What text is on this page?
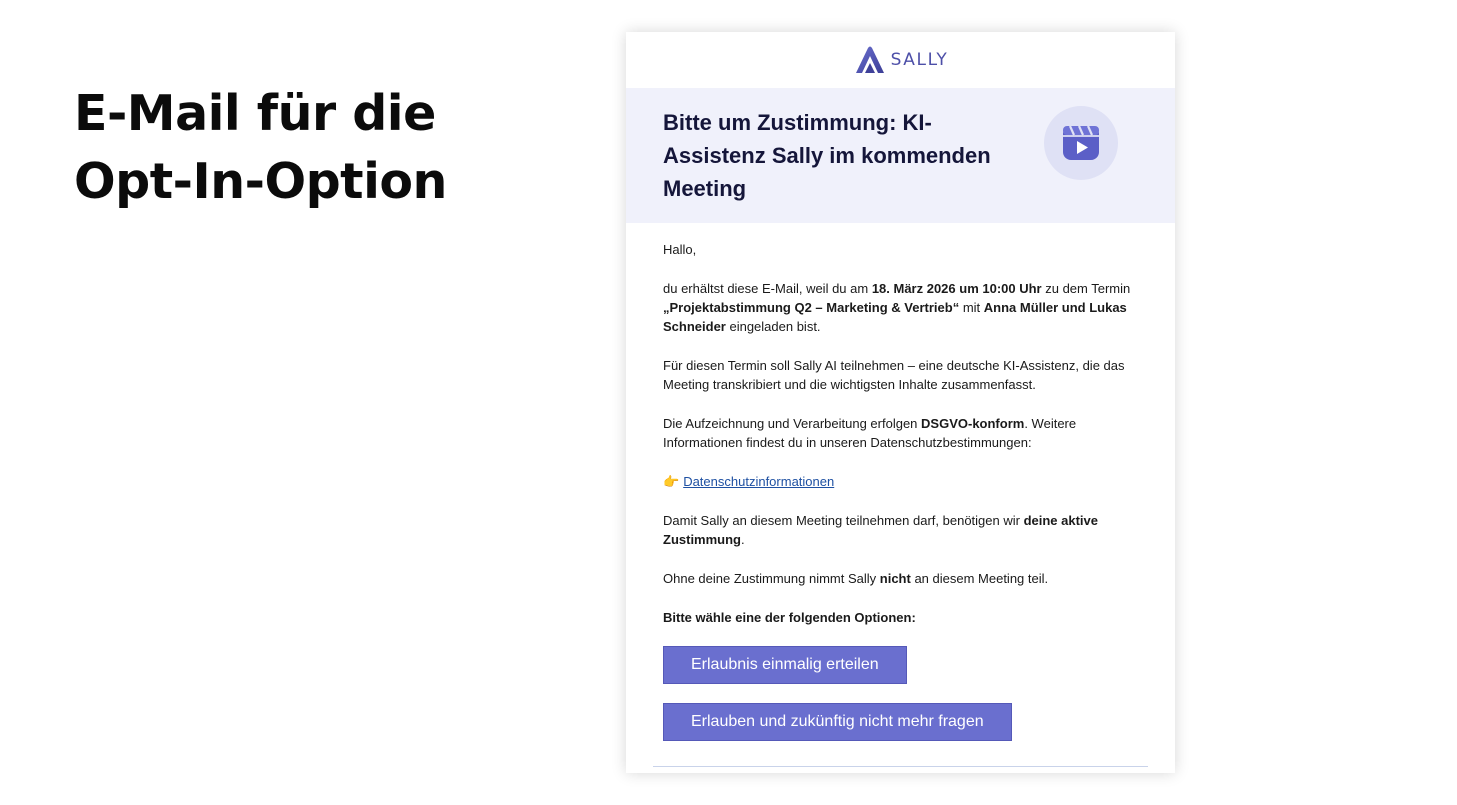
E-Mail für die
Opt-In-Option
SALLY
Bitte um Zustimmung: KI-Assistenz Sally im kommenden Meeting

Hallo,

du erhältst diese E-Mail, weil du am 18. März 2026 um 10:00 Uhr zu dem Termin „Projektabstimmung Q2 – Marketing & Vertrieb“ mit Anna Müller und Lukas Schneider eingeladen bist.

Für diesen Termin soll Sally AI teilnehmen – eine deutsche KI-Assistenz, die das Meeting transkribiert und die wichtigsten Inhalte zusammenfasst.

Die Aufzeichnung und Verarbeitung erfolgen DSGVO-konform. Weitere Informationen findest du in unseren Datenschutzbestimmungen:

👉 Datenschutzinformationen

Damit Sally an diesem Meeting teilnehmen darf, benötigen wir deine aktive Zustimmung.

Ohne deine Zustimmung nimmt Sally nicht an diesem Meeting teil.

Bitte wähle eine der folgenden Optionen:

Erlaubnis einmalig erteilen
Erlauben und zukünftig nicht mehr fragen
